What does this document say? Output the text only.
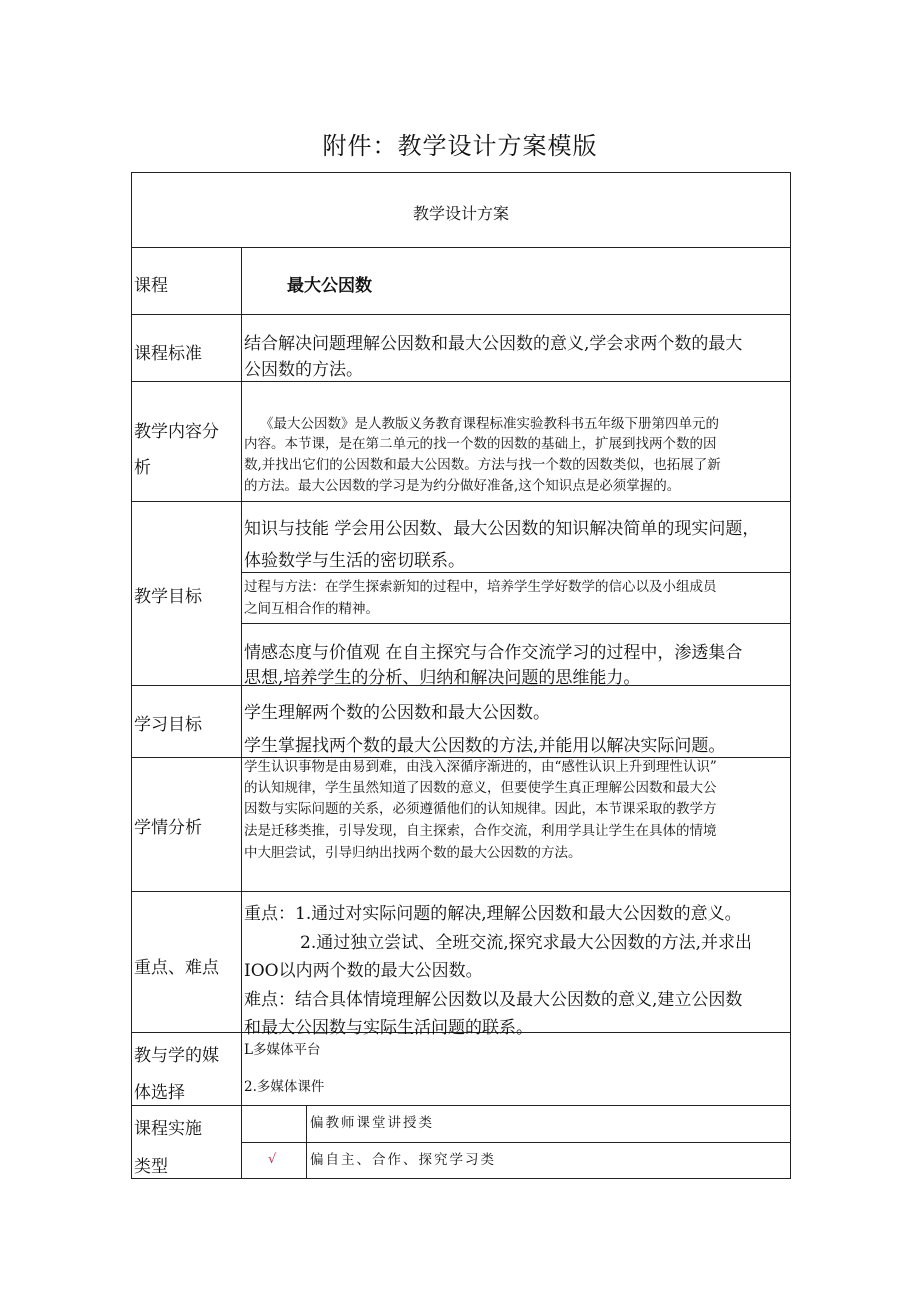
附件：教学设计方案模版
教学设计方案
课程	最大公因数
课程标准 结合解决问题理解公因数和最大公因数的意义,学会求两个数的最大
公因数的方法。
教学内容分
析
《最大公因数》是人教版义务教育课程标准实验教科书五年级下册第四单元的
内容。本节课，是在第二单元的找一个数的因数的基础上，扩展到找两个数的因
数,并找出它们的公因数和最大公因数。方法与找一个数的因数类似，也拓展了新
的方法。最大公因数的学习是为约分做好准备,这个知识点是必须掌握的。
教学目标
知识与技能 学会用公因数、最大公因数的知识解决简单的现实问题，
体验数学与生活的密切联系。
过程与方法：在学生探索新知的过程中，培养学生学好数学的信心以及小组成员
之间互相合作的精神。
情感态度与价值观 在自主探究与合作交流学习的过程中，渗透集合
思想,培养学生的分析、归纳和解决问题的思维能力。
学习目标
学生理解两个数的公因数和最大公因数。
学生掌握找两个数的最大公因数的方法,并能用以解决实际问题。
学情分析
学生认识事物是由易到难，由浅入深循序渐进的，由“感性认识上升到理性认识”
的认知规律，学生虽然知道了因数的意义，但要使学生真正理解公因数和最大公
因数与实际问题的关系，必须遵循他们的认知规律。因此，本节课采取的教学方
法是迁移类推，引导发现，自主探索，合作交流，利用学具让学生在具体的情境
中大胆尝试，引导归纳出找两个数的最大公因数的方法。
重点、难点
重点：1.通过对实际问题的解决,理解公因数和最大公因数的意义。
2.通过独立尝试、全班交流,探究求最大公因数的方法,并求出
IOO以内两个数的最大公因数。
难点：结合具体情境理解公因数以及最大公因数的意义,建立公因数
和最大公因数与实际生活问题的联系。
教与学的媒
体选择
L多媒体平台
2.多媒体课件
课程实施
类型
偏教师课堂讲授类
√ 偏自主、合作、探究学习类
